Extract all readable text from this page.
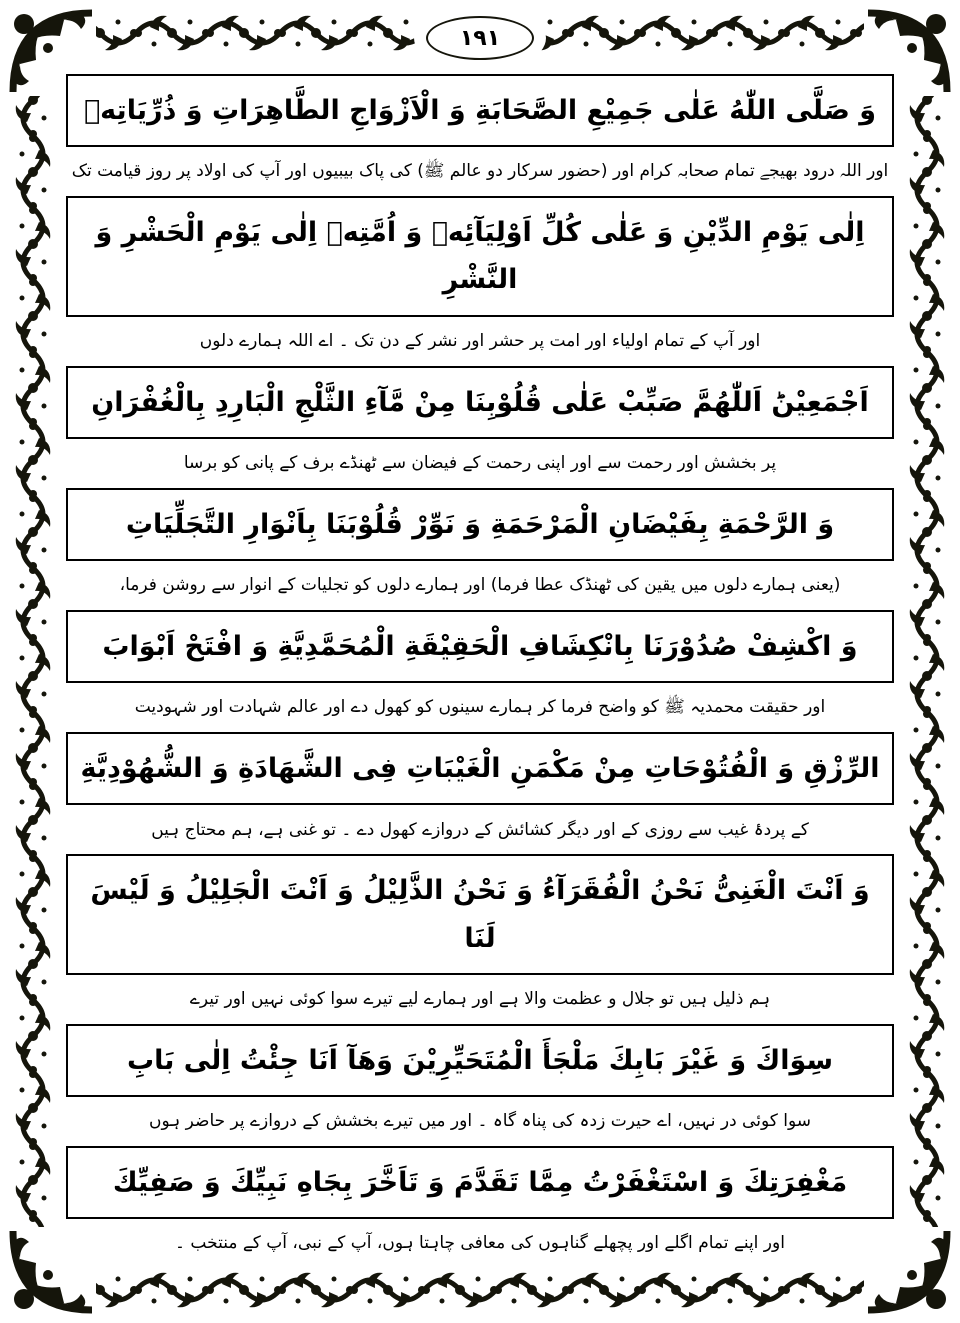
١٩١
وَ صَلَّى اللّٰهُ عَلٰى جَمِيْعِ الصَّحَابَةِ وَ الْاَزْوَاجِ الطَّاهِرَاتِ وَ ذُرِّيَاتِهٖ
اور اللہ درود بھیجے تمام صحابہ کرام اور (حضور سرکار دو عالم ﷺ) کی پاک بیبیوں اور آپ کی اولاد پر روز قیامت تک
اِلٰى يَوْمِ الدِّيْنِ وَ عَلٰى كُلِّ اَوْلِيَآئِهٖ وَ اُمَّتِهٖ اِلٰى يَوْمِ الْحَشْرِ وَ النَّشْرِ
اور آپ کے تمام اولیاء اور امت پر حشر اور نشر کے دن تک ۔ اے اللہ ہمارے دلوں
اَجْمَعِيْنَؕ اَللّٰهُمَّ صَبِّبْ عَلٰى قُلُوْبِنَا مِنْ مَّآءِ الثَّلْجِ الْبَارِدِ بِالْغُفْرَانِ
پر بخشش اور رحمت سے اور اپنی رحمت کے فیضان سے ٹھنڈے برف کے پانی کو برسا
وَ الرَّحْمَةِ بِفَيْضَانِ الْمَرْحَمَةِ وَ نَوِّرْ قُلُوْبَنَا بِاَنْوَارِ التَّجَلِّيَاتِ
(یعنی ہمارے دلوں میں یقین کی ٹھنڈک عطا فرما) اور ہمارے دلوں کو تجلیات کے انوار سے روشن فرما،
وَ اكْشِفْ صُدُوْرَنَا بِانْكِشَافِ الْحَقِيْقَةِ الْمُحَمَّدِيَّةِ وَ افْتَحْ اَبْوَابَ
اور حقیقت محمدیہ ﷺ کو واضح فرما کر ہمارے سینوں کو کھول دے اور عالم شہادت اور شہودیت
الرِّزْقِ وَ الْفُتُوْحَاتِ مِنْ مَكْمَنِ الْغَيْبَاتِ فِى الشَّهَادَةِ وَ الشُّهُوْدِيَّةِ
کے پردۂ غیب سے روزی کے اور دیگر کشائش کے دروازے کھول دے ۔ تو غنی ہے، ہم محتاج ہیں
وَ اَنْتَ الْغَنِىُّ نَحْنُ الْفُقَرَآءُ وَ نَحْنُ الذَّلِيْلُ وَ اَنْتَ الْجَلِيْلُ وَ لَيْسَ لَنَا
ہم ذلیل ہیں تو جلال و عظمت والا ہے اور ہمارے لیے تیرے سوا کوئی نہیں اور تیرے
سِوَاكَ وَ غَيْرَ بَابِكَ مَلْجَأَ الْمُتَحَيِّرِيْنَ وَهَآ اَنَا جِئْتُ اِلٰى بَابِ
سوا کوئی در نہیں، اے حیرت زدہ کی پناہ گاہ ۔ اور میں تیرے بخشش کے دروازے پر حاضر ہوں
مَغْفِرَتِكَ وَ اسْتَغْفَرْتُ مِمَّا تَقَدَّمَ وَ تَاَخَّرَ بِجَاهِ نَبِيِّكَ وَ صَفِيِّكَ
اور اپنے تمام اگلے اور پچھلے گناہوں کی معافی چاہتا ہوں، آپ کے نبی، آپ کے منتخب ۔
